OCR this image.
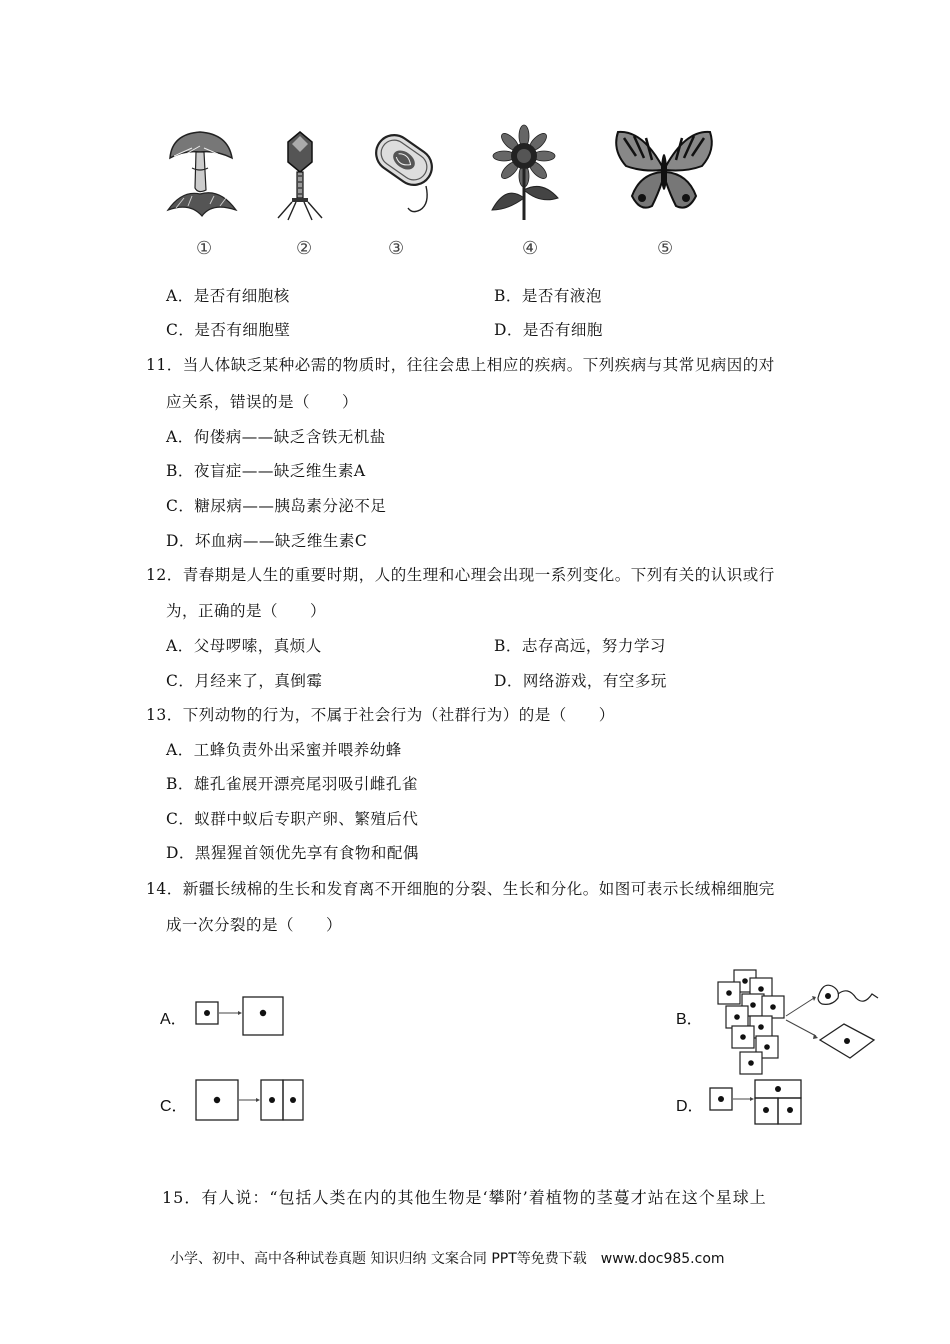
①	②	③	④	⑤
A．是否有细胞核	B．是否有液泡
C．是否有细胞壁	D．是否有细胞
11．当人体缺乏某种必需的物质时，往往会患上相应的疾病。下列疾病与其常见病因的对
应关系，错误的是（　　）
A．佝偻病——缺乏含铁无机盐
B．夜盲症——缺乏维生素A
C．糖尿病——胰岛素分泌不足
D．坏血病——缺乏维生素C
12．青春期是人生的重要时期，人的生理和心理会出现一系列变化。下列有关的认识或行
为，正确的是（　　）
A．父母啰嗦，真烦人	B．志存高远，努力学习
C．月经来了，真倒霉	D．网络游戏，有空多玩
13．下列动物的行为，不属于社会行为（社群行为）的是（　　）
A．工蜂负责外出采蜜并喂养幼蜂
B．雄孔雀展开漂亮尾羽吸引雌孔雀
C．蚁群中蚁后专职产卵、繁殖后代
D．黑猩猩首领优先享有食物和配偶
14．新疆长绒棉的生长和发育离不开细胞的分裂、生长和分化。如图可表示长绒棉细胞完
成一次分裂的是（　　）
A．	B．
C．	D．
15．有人说：“包括人类在内的其他生物是‘攀附’着植物的茎蔓才站在这个星球上
小学、初中、高中各种试卷真题 知识归纳 文案合同 PPT等免费下载　www.doc985.com
